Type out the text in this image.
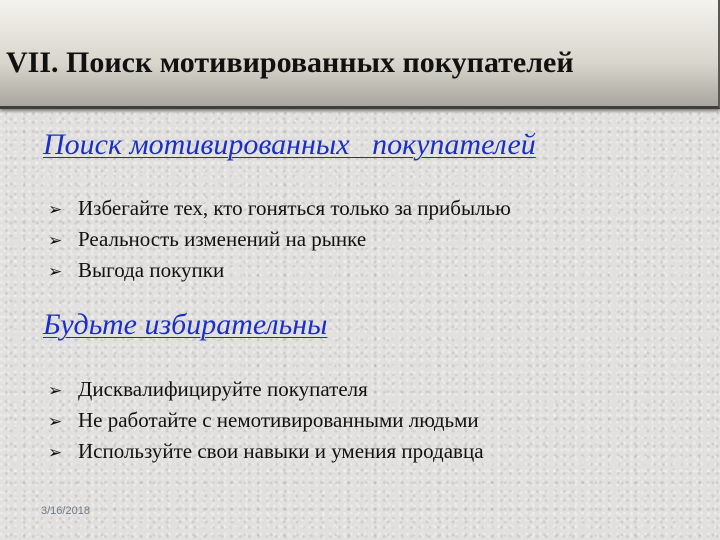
VII. Поиск мотивированных покупателей
Поиск мотивированных   покупателей
➢ Избегайте тех, кто гоняться только за прибылью
➢ Реальность изменений на рынке
➢ Выгода покупки
Будьте избирательны
➢ Дисквалифицируйте покупателя
➢ Не работайте с немотивированными людьми
➢ Используйте свои навыки и умения продавца
3/16/2018
